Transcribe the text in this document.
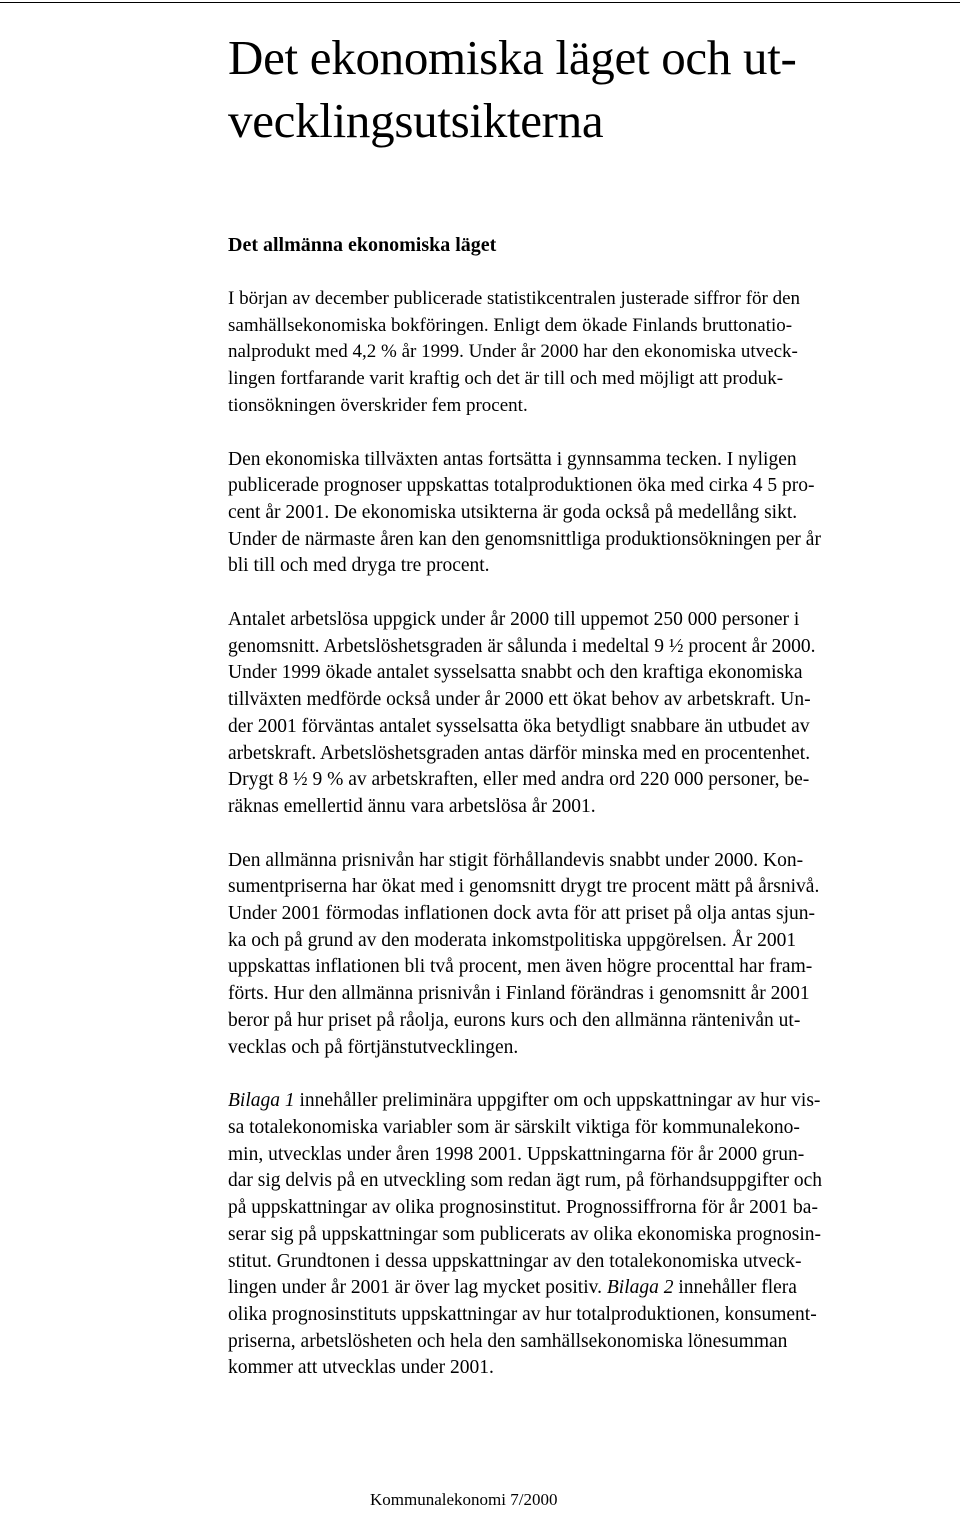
Det ekonomiska läget och ut-
vecklingsutsikterna
Det allmänna ekonomiska läget

I början av december publicerade statistikcentralen justerade siffror för den
samhällsekonomiska bokföringen. Enligt dem ökade Finlands bruttonatio-
nalprodukt med 4,2 % år 1999. Under år 2000 har den ekonomiska utveck-
lingen fortfarande varit kraftig och det är till och med möjligt att produk-
tionsökningen överskrider fem procent.

Den ekonomiska tillväxten antas fortsätta i gynnsamma tecken. I nyligen
publicerade prognoser uppskattas totalproduktionen öka med cirka 4 5 pro-
cent år 2001. De ekonomiska utsikterna är goda också på medellång sikt.
Under de närmaste åren kan den genomsnittliga produktionsökningen per år
bli till och med dryga tre procent.

Antalet arbetslösa uppgick under år 2000 till uppemot 250 000 personer i
genomsnitt. Arbetslöshetsgraden är sålunda i medeltal 9 ½ procent år 2000.
Under 1999 ökade antalet sysselsatta snabbt och den kraftiga ekonomiska
tillväxten medförde också under år 2000 ett ökat behov av arbetskraft. Un-
der 2001 förväntas antalet sysselsatta öka betydligt snabbare än utbudet av
arbetskraft. Arbetslöshetsgraden antas därför minska med en procentenhet.
Drygt 8 ½ 9 % av arbetskraften, eller med andra ord 220 000 personer, be-
räknas emellertid ännu vara arbetslösa år 2001.

Den allmänna prisnivån har stigit förhållandevis snabbt under 2000. Kon-
sumentpriserna har ökat med i genomsnitt drygt tre procent mätt på årsnivå.
Under 2001 förmodas inflationen dock avta för att priset på olja antas sjun-
ka och på grund av den moderata inkomstpolitiska uppgörelsen. År 2001
uppskattas inflationen bli två procent, men även högre procenttal har fram-
förts. Hur den allmänna prisnivån i Finland förändras i genomsnitt år 2001
beror på hur priset på råolja, eurons kurs och den allmänna räntenivån ut-
vecklas och på förtjänstutvecklingen.

Bilaga 1 innehåller preliminära uppgifter om och uppskattningar av hur vis-
sa totalekonomiska variabler som är särskilt viktiga för kommunalekono-
min, utvecklas under åren 1998 2001. Uppskattningarna för år 2000 grun-
dar sig delvis på en utveckling som redan ägt rum, på förhandsuppgifter och
på uppskattningar av olika prognosinstitut. Prognossiffrorna för år 2001 ba-
serar sig på uppskattningar som publicerats av olika ekonomiska prognosin-
stitut. Grundtonen i dessa uppskattningar av den totalekonomiska utveck-
lingen under år 2001 är över lag mycket positiv. Bilaga 2 innehåller flera
olika prognosinstituts uppskattningar av hur totalproduktionen, konsument-
priserna, arbetslösheten och hela den samhällsekonomiska lönesumman
kommer att utvecklas under 2001.

Kommunalekonomi 7/2000
